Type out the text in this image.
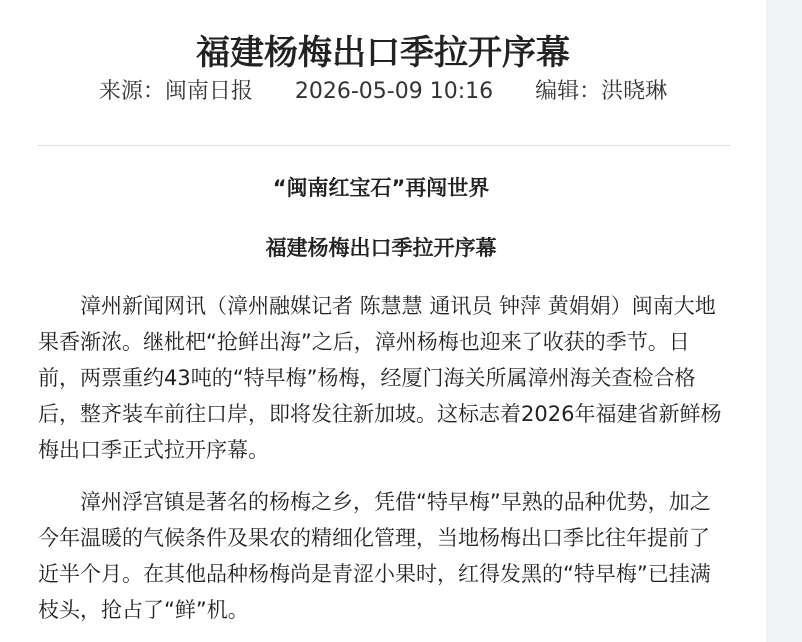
福建杨梅出口季拉开序幕
来源：闽南日报 2026-05-09 10:16 编辑：洪晓琳

“闽南红宝石”再闯世界

福建杨梅出口季拉开序幕

漳州新闻网讯（漳州融媒记者 陈慧慧 通讯员 钟萍 黄娟娟）闽南大地果香渐浓。继枇杷“抢鲜出海”之后，漳州杨梅也迎来了收获的季节。日前，两票重约43吨的“特早梅”杨梅，经厦门海关所属漳州海关查检合格后，整齐装车前往口岸，即将发往新加坡。这标志着2026年福建省新鲜杨梅出口季正式拉开序幕。

漳州浮宫镇是著名的杨梅之乡，凭借“特早梅”早熟的品种优势，加之今年温暖的气候条件及果农的精细化管理，当地杨梅出口季比往年提前了近半个月。在其他品种杨梅尚是青涩小果时，红得发黑的“特早梅”已挂满枝头，抢占了“鲜”机。
